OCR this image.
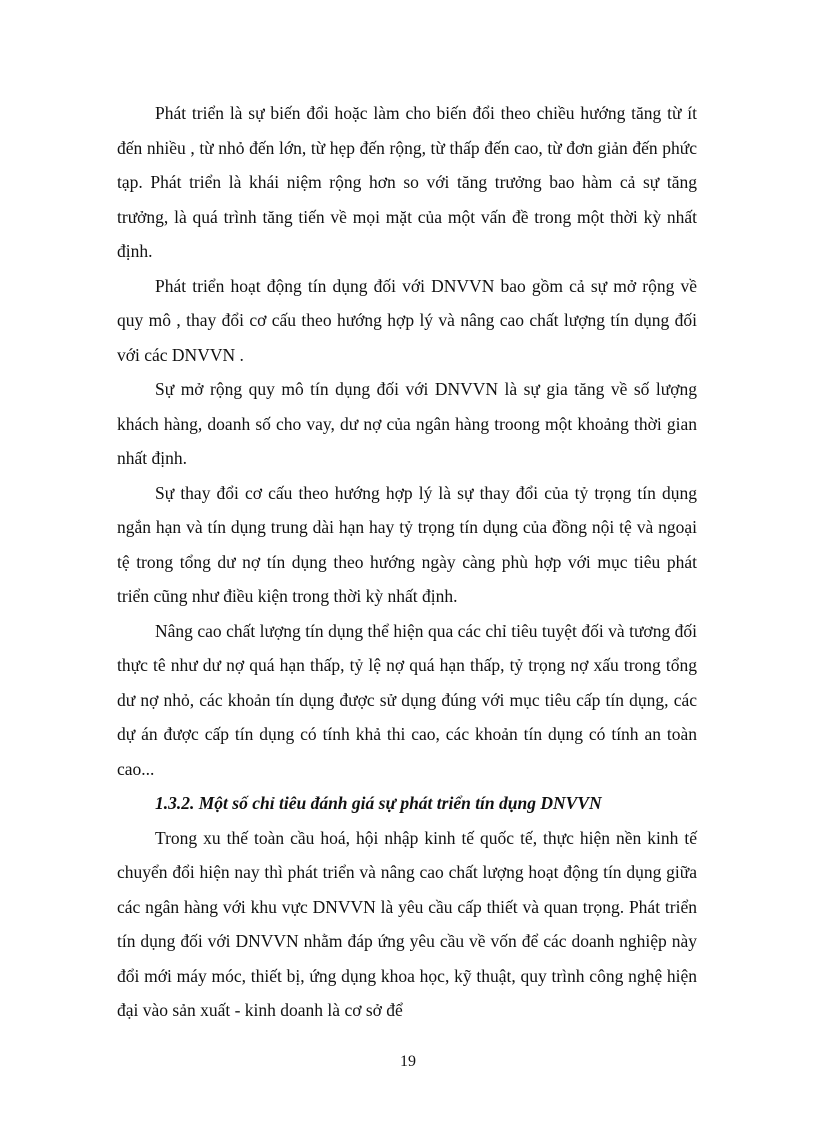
Phát triển là sự biến đổi hoặc làm cho biến đổi theo chiều hướng tăng từ ít đến nhiều , từ nhỏ đến lớn, từ hẹp đến rộng, từ thấp đến cao, từ đơn giản đến phức tạp. Phát triển là khái niệm rộng hơn so với tăng trưởng bao hàm cả sự tăng trưởng, là quá trình tăng tiến về mọi mặt của một vấn đề trong một thời kỳ nhất định.

Phát triển hoạt động tín dụng đối với DNVVN bao gồm cả sự mở rộng về quy mô , thay đổi cơ cấu theo hướng hợp lý và nâng cao chất lượng tín dụng đối với các DNVVN .

Sự mở rộng quy mô tín dụng đối với DNVVN là sự gia tăng về số lượng khách hàng, doanh số cho vay, dư nợ của ngân hàng troong một khoảng thời gian nhất định.

Sự thay đổi cơ cấu theo hướng hợp lý là sự thay đổi của tỷ trọng tín dụng ngắn hạn và tín dụng trung dài hạn hay tỷ trọng tín dụng của đồng nội tệ và ngoại tệ trong tổng dư nợ tín dụng theo hướng ngày càng phù hợp với mục tiêu phát triển cũng như điều kiện trong thời kỳ nhất định.

Nâng cao chất lượng tín dụng thể hiện qua các chỉ tiêu tuyệt đối và tương đối thực tê như dư nợ quá hạn thấp, tỷ lệ nợ quá hạn thấp, tỷ trọng nợ xấu trong tổng dư nợ nhỏ, các khoản tín dụng được sử dụng đúng với mục tiêu cấp tín dụng, các dự án được cấp tín dụng có tính khả thi cao, các khoản tín dụng có tính an toàn cao...

1.3.2. Một số chỉ tiêu đánh giá sự phát triển tín dụng DNVVN

Trong xu thế toàn cầu hoá, hội nhập kinh tế quốc tế, thực hiện nền kinh tế chuyển đổi hiện nay thì phát triển và nâng cao chất lượng hoạt động tín dụng giữa các ngân hàng với khu vực DNVVN là yêu cầu cấp thiết và quan trọng. Phát triển tín dụng đối với DNVVN nhằm đáp ứng yêu cầu về vốn để các doanh nghiệp này đổi mới máy móc, thiết bị, ứng dụng khoa học, kỹ thuật, quy trình công nghệ hiện đại vào sản xuất - kinh doanh là cơ sở để

19
